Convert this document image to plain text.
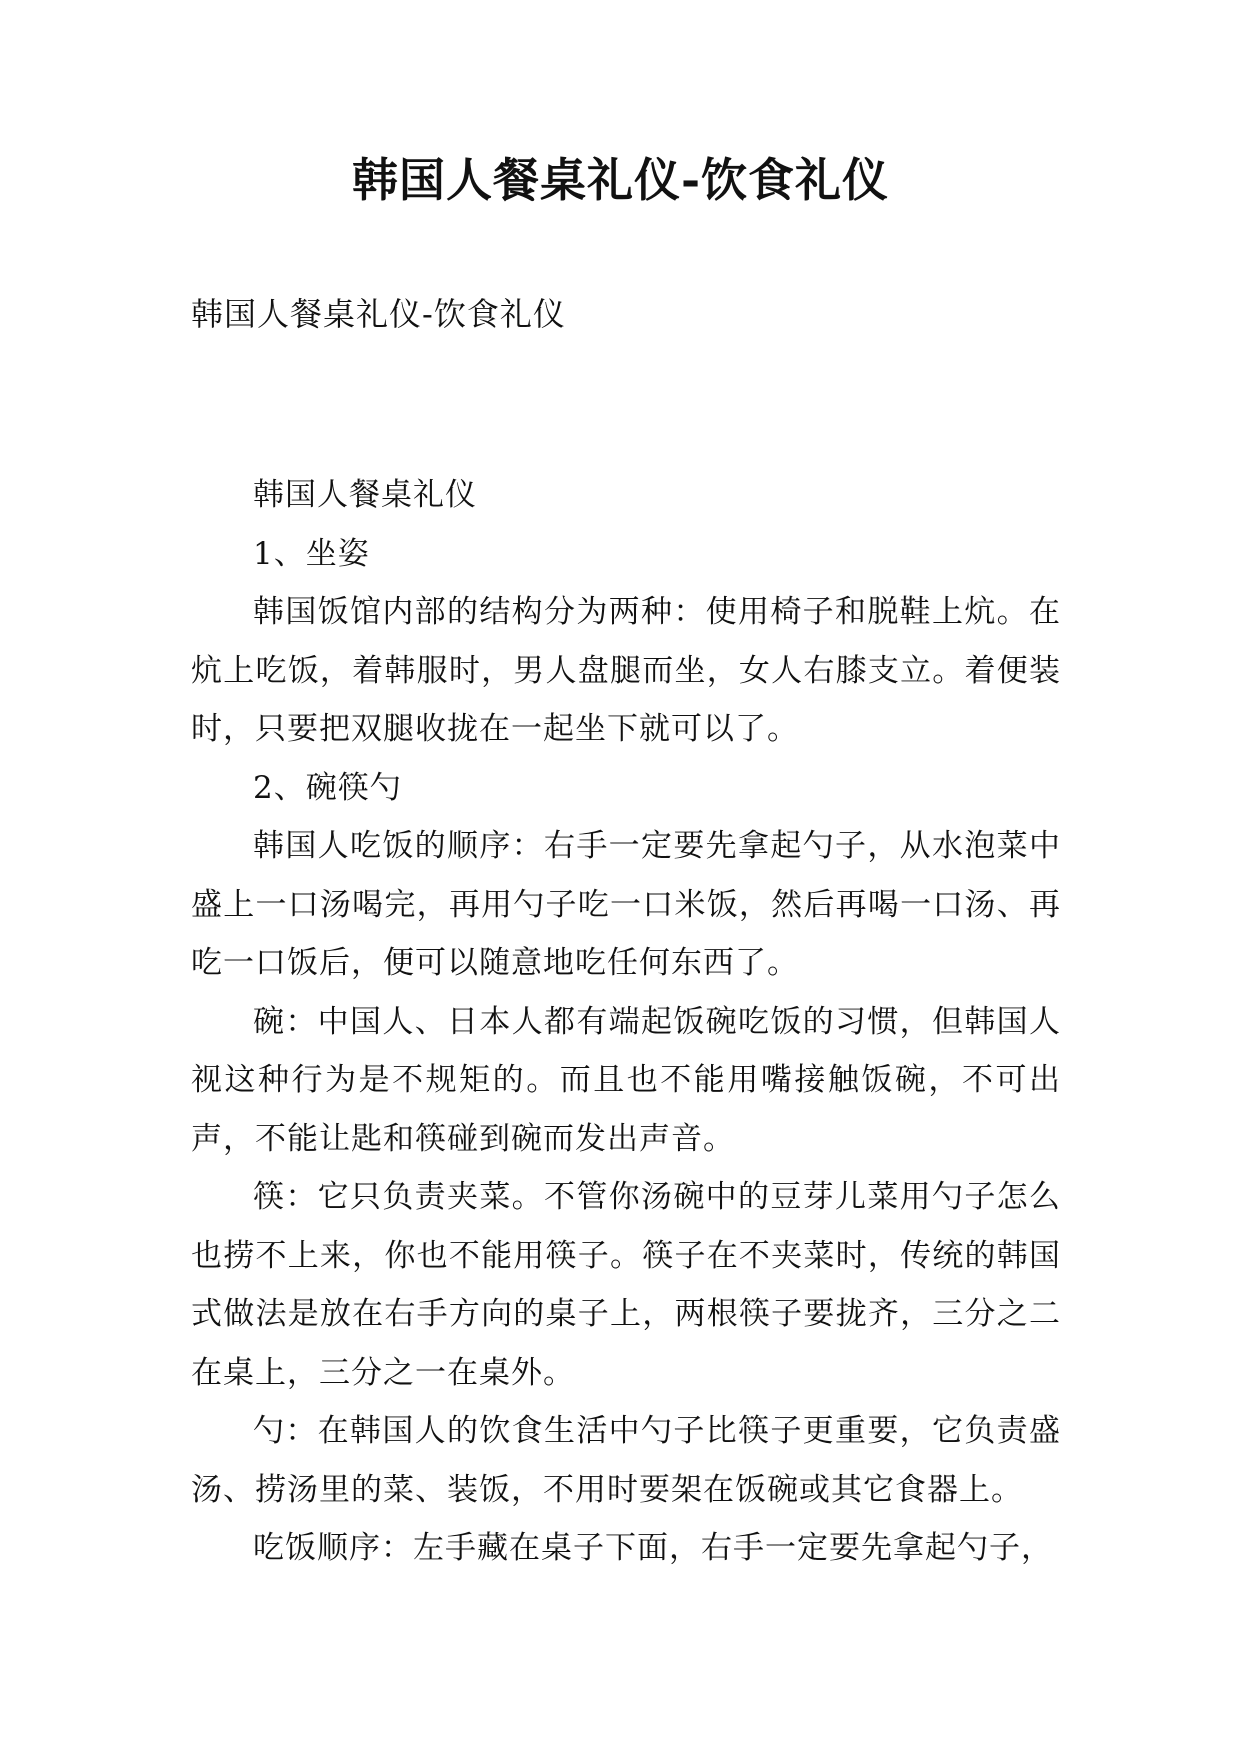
韩国人餐桌礼仪-饮食礼仪
韩国人餐桌礼仪-饮食礼仪

韩国人餐桌礼仪

1、坐姿

韩国饭馆内部的结构分为两种：使用椅子和脱鞋上炕。在炕上吃饭，着韩服时，男人盘腿而坐，女人右膝支立。着便装时，只要把双腿收拢在一起坐下就可以了。

2、碗筷勺

韩国人吃饭的顺序：右手一定要先拿起勺子，从水泡菜中盛上一口汤喝完，再用勺子吃一口米饭，然后再喝一口汤、再吃一口饭后，便可以随意地吃任何东西了。

碗：中国人、日本人都有端起饭碗吃饭的习惯，但韩国人视这种行为是不规矩的。而且也不能用嘴接触饭碗，不可出声，不能让匙和筷碰到碗而发出声音。

筷：它只负责夹菜。不管你汤碗中的豆芽儿菜用勺子怎么也捞不上来，你也不能用筷子。筷子在不夹菜时，传统的韩国式做法是放在右手方向的桌子上，两根筷子要拢齐，三分之二在桌上，三分之一在桌外。

勺：在韩国人的饮食生活中勺子比筷子更重要，它负责盛汤、捞汤里的菜、装饭，不用时要架在饭碗或其它食器上。

吃饭顺序：左手藏在桌子下面，右手一定要先拿起勺子，
